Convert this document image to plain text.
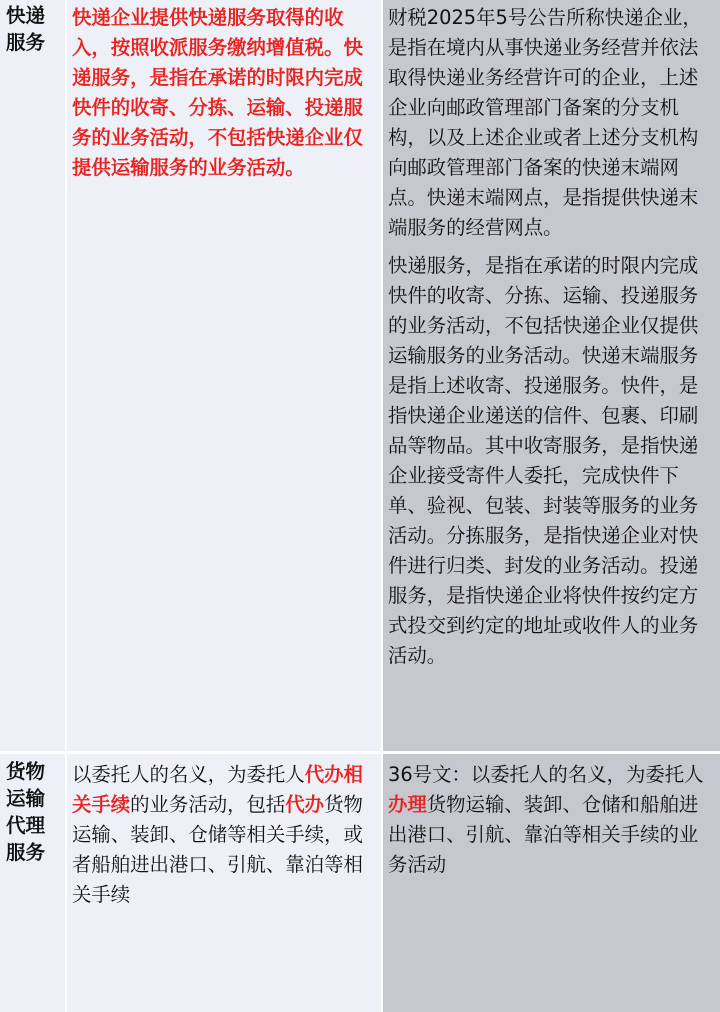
快递服务

快递企业提供快递服务取得的收入，按照收派服务缴纳增值税。快递服务，是指在承诺的时限内完成快件的收寄、分拣、运输、投递服务的业务活动，不包括快递企业仅提供运输服务的业务活动。

财税2025年5号公告所称快递企业，是指在境内从事快递业务经营并依法取得快递业务经营许可的企业，上述企业向邮政管理部门备案的分支机构，以及上述企业或者上述分支机构向邮政管理部门备案的快递末端网点。快递末端网点，是指提供快递末端服务的经营网点。

快递服务，是指在承诺的时限内完成快件的收寄、分拣、运输、投递服务的业务活动，不包括快递企业仅提供运输服务的业务活动。快递末端服务是指上述收寄、投递服务。快件，是指快递企业递送的信件、包裹、印刷品等物品。其中收寄服务，是指快递企业接受寄件人委托，完成快件下单、验视、包装、封装等服务的业务活动。分拣服务，是指快递企业对快件进行归类、封发的业务活动。投递服务，是指快递企业将快件按约定方式投交到约定的地址或收件人的业务活动。

货物运输代理服务

以委托人的名义，为委托人代办相关手续的业务活动，包括代办货物运输、装卸、仓储等相关手续，或者船舶进出港口、引航、靠泊等相关手续

36号文：以委托人的名义，为委托人办理货物运输、装卸、仓储和船舶进出港口、引航、靠泊等相关手续的业务活动
